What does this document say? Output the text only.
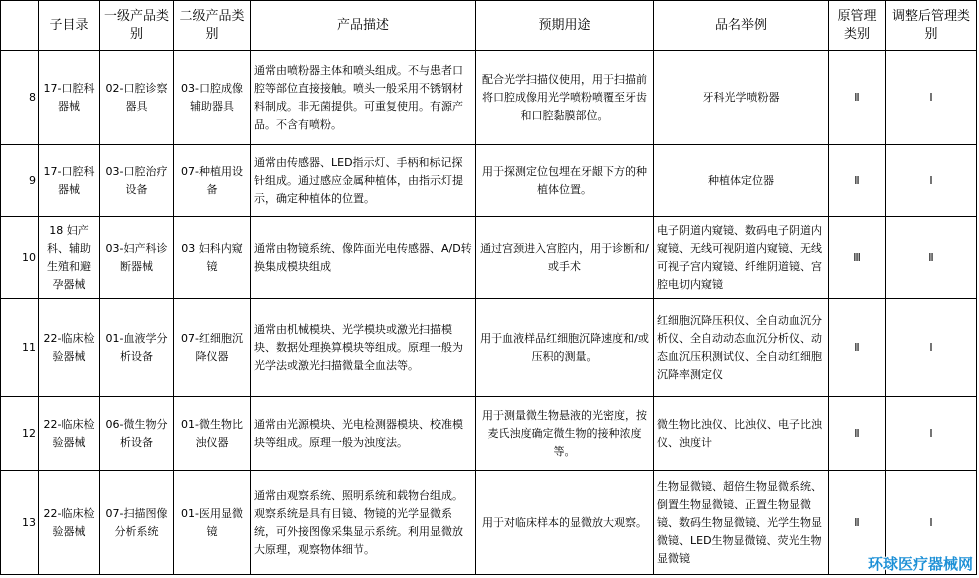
	子目录	一级产品类别	二级产品类别	产品描述	预期用途	品名举例	原管理类别	调整后管理类别
8	17-口腔科器械	02-口腔诊察器具	03-口腔成像辅助器具	通常由喷粉器主体和喷头组成。不与患者口腔等部位直接接触。喷头一般采用不锈钢材料制成。非无菌提供。可重复使用。有源产品。不含有喷粉。	配合光学扫描仪使用，用于扫描前将口腔成像用光学喷粉喷覆至牙齿和口腔黏膜部位。	牙科光学喷粉器	Ⅱ	Ⅰ
9	17-口腔科器械	03-口腔治疗设备	07-种植用设备	通常由传感器、LED指示灯、手柄和标记探针组成。通过感应金属种植体，由指示灯提示，确定种植体的位置。	用于探测定位包埋在牙龈下方的种植体位置。	种植体定位器	Ⅱ	Ⅰ
10	18 妇产科、辅助生殖和避孕器械	03-妇产科诊断器械	03 妇科内窥镜	通常由物镜系统、像阵面光电传感器、A/D转换集成模块组成	通过宫颈进入宫腔内，用于诊断和/或手术	电子阴道内窥镜、数码电子阴道内窥镜、无线可视阴道内窥镜、无线可视子宫内窥镜、纤维阴道镜、宫腔电切内窥镜	Ⅲ	Ⅱ
11	22-临床检验器械	01-血液学分析设备	07-红细胞沉降仪器	通常由机械模块、光学模块或激光扫描模块、数据处理换算模块等组成。原理一般为光学法或激光扫描微量全血法等。	用于血液样品红细胞沉降速度和/或压积的测量。	红细胞沉降压积仪、全自动血沉分析仪、全自动动态血沉分析仪、动态血沉压积测试仪、全自动红细胞沉降率测定仪	Ⅱ	Ⅰ
12	22-临床检验器械	06-微生物分析设备	01-微生物比浊仪器	通常由光源模块、光电检测器模块、校准模块等组成。原理一般为浊度法。	用于测量微生物悬液的光密度，按麦氏浊度确定微生物的接种浓度等。	微生物比浊仪、比浊仪、电子比浊仪、浊度计	Ⅱ	Ⅰ
13	22-临床检验器械	07-扫描图像分析系统	01-医用显微镜	通常由观察系统、照明系统和载物台组成。观察系统是具有目镜、物镜的光学显微系统，可外接图像采集显示系统。利用显微放大原理，观察物体细节。	用于对临床样本的显微放大观察。	生物显微镜、超倍生物显微系统、倒置生物显微镜、正置生物显微镜、数码生物显微镜、光学生物显微镜、LED生物显微镜、荧光生物显微镜	Ⅱ	Ⅰ
环球医疗器械网
